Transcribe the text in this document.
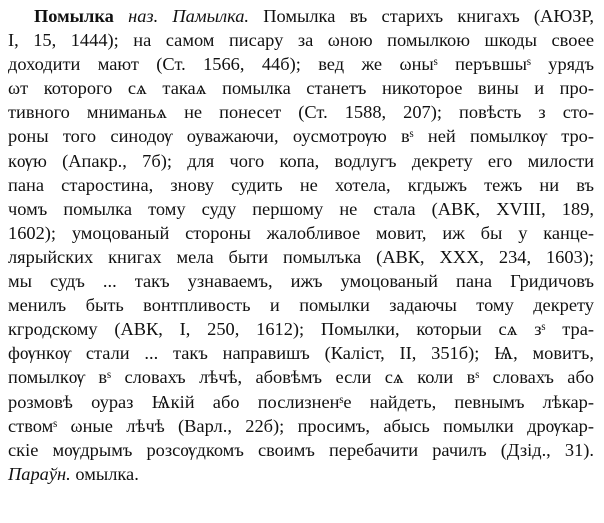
Помылка наз. Памылка. Помылка въ старихъ книгахъ (АЮЗР,
I, 15, 1444); на самом писару за ωною помылкою шкоды своее
доходити мают (Ст. 1566, 44б); вед же ωныˢ перъвшыˢ урядъ
ωт которого сѧ такаѧ помылка станетъ никоторое вины и про-
тивного мниманьѧ не понесет (Ст. 1588, 207); повѣсть з сто-
роны того синодѹ оуважаючи, оусмотрѹю вˢ ней помылкѹ тро-
кѹю (Апакр., 7б); для чого копа, водлугъ декрету его милости
пана старостина, знову судить не хотела, кгдыжъ тежъ ни въ
чомъ помылка тому суду першому не стала (АВК, XVIII, 189,
1602); умоцованый стороны жалобливое мовит, иж бы у канце-
лярыйских книгах мела быти помылъка (АВК, XXX, 234, 1603);
мы судъ ... такъ узнаваемъ, ижъ умоцованый пана Гридичовъ
менилъ быть вонтпливость и помылки задаючы тому декрету
кгродскому (АВК, I, 250, 1612); Помылки, которыи сѧ зˢ тра-
фѹнкѹ стали ... такъ направишъ (Калiст, II, 351б); Ѩ, мовитъ,
помылкѹ вˢ словахъ лѣчѣ, абовѣмъ если сѧ коли вˢ словахъ або
розмовѣ оураз Ѩкiй або послизненˢе найдеть, певнымъ лѣкар-
ствомˢ ωные лѣчѣ (Варл., 22б); просимъ, абысь помылки дрѹкар-
скiе мѹдрымъ розсѹдкомъ своимъ перебачити рачилъ (Дзiд., 31).
Параўн. омылка.
